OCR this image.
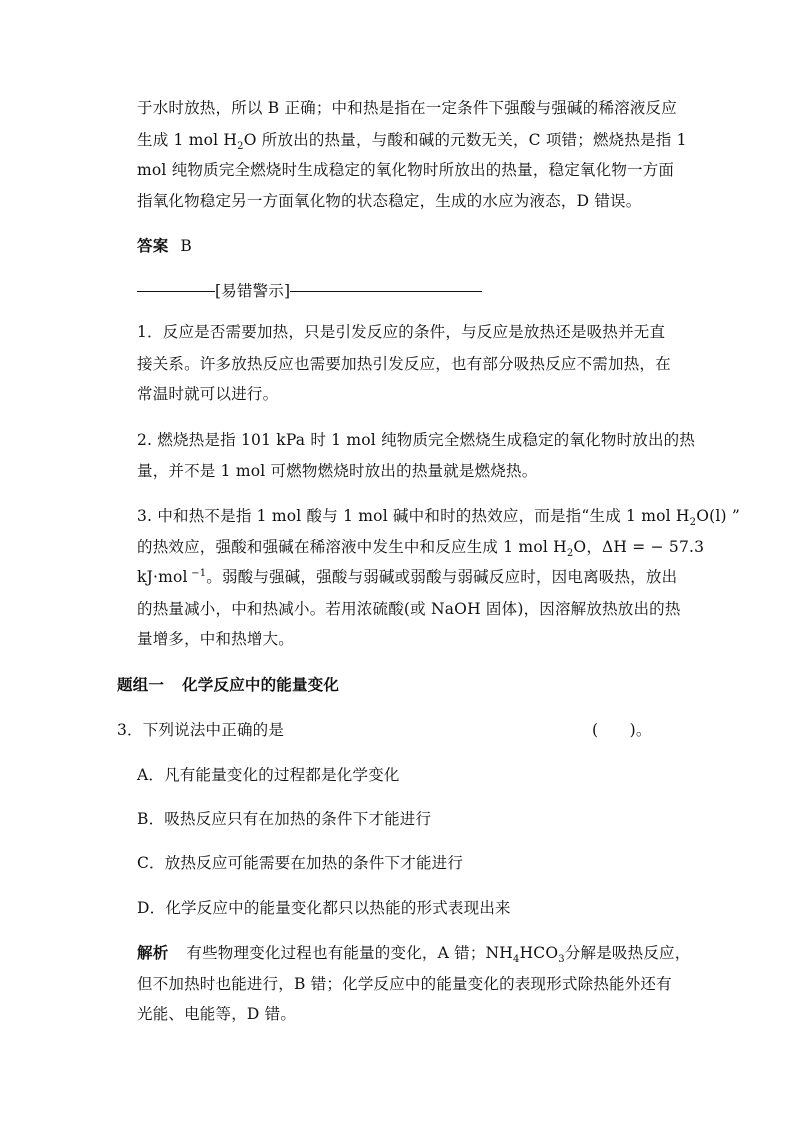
于水时放热，所以 B 正确；中和热是指在一定条件下强酸与强碱的稀溶液反应
生成 1 mol $H_2O$ 所放出的热量，与酸和碱的元数无关，C 项错；燃烧热是指 1
mol 纯物质完全燃烧时生成稳定的氧化物时所放出的热量，稳定氧化物一方面
指氧化物稳定另一方面氧化物的状态稳定，生成的水应为液态，D 错误。
答案 B
[易错警示]
1．反应是否需要加热，只是引发反应的条件，与反应是放热还是吸热并无直
接关系。许多放热反应也需要加热引发反应，也有部分吸热反应不需加热，在
常温时就可以进行。
2. 燃烧热是指 101 kPa 时 1 mol 纯物质完全燃烧生成稳定的氧化物时放出的热
量，并不是 1 mol 可燃物燃烧时放出的热量就是燃烧热。
3. 中和热不是指 1 mol 酸与 1 mol 碱中和时的热效应，而是指“生成 1 mol $H_2O(l)$ ”
的热效应，强酸和强碱在稀溶液中发生中和反应生成 1 mol $H_2O$，ΔH = − 57.3
kJ·mol $^{-1}$。弱酸与强碱，强酸与弱碱或弱酸与弱碱反应时，因电离吸热，放出
的热量减小，中和热减小。若用浓硫酸(或 NaOH 固体)，因溶解放热放出的热
量增多，中和热增大。
题组一 化学反应中的能量变化
3．下列说法中正确的是	(　　)。
A．凡有能量变化的过程都是化学变化
B．吸热反应只有在加热的条件下才能进行
C．放热反应可能需要在加热的条件下才能进行
D．化学反应中的能量变化都只以热能的形式表现出来
解析 有些物理变化过程也有能量的变化，A 错；$NH_4HCO_3$分解是吸热反应，
但不加热时也能进行，B 错；化学反应中的能量变化的表现形式除热能外还有
光能、电能等，D 错。
